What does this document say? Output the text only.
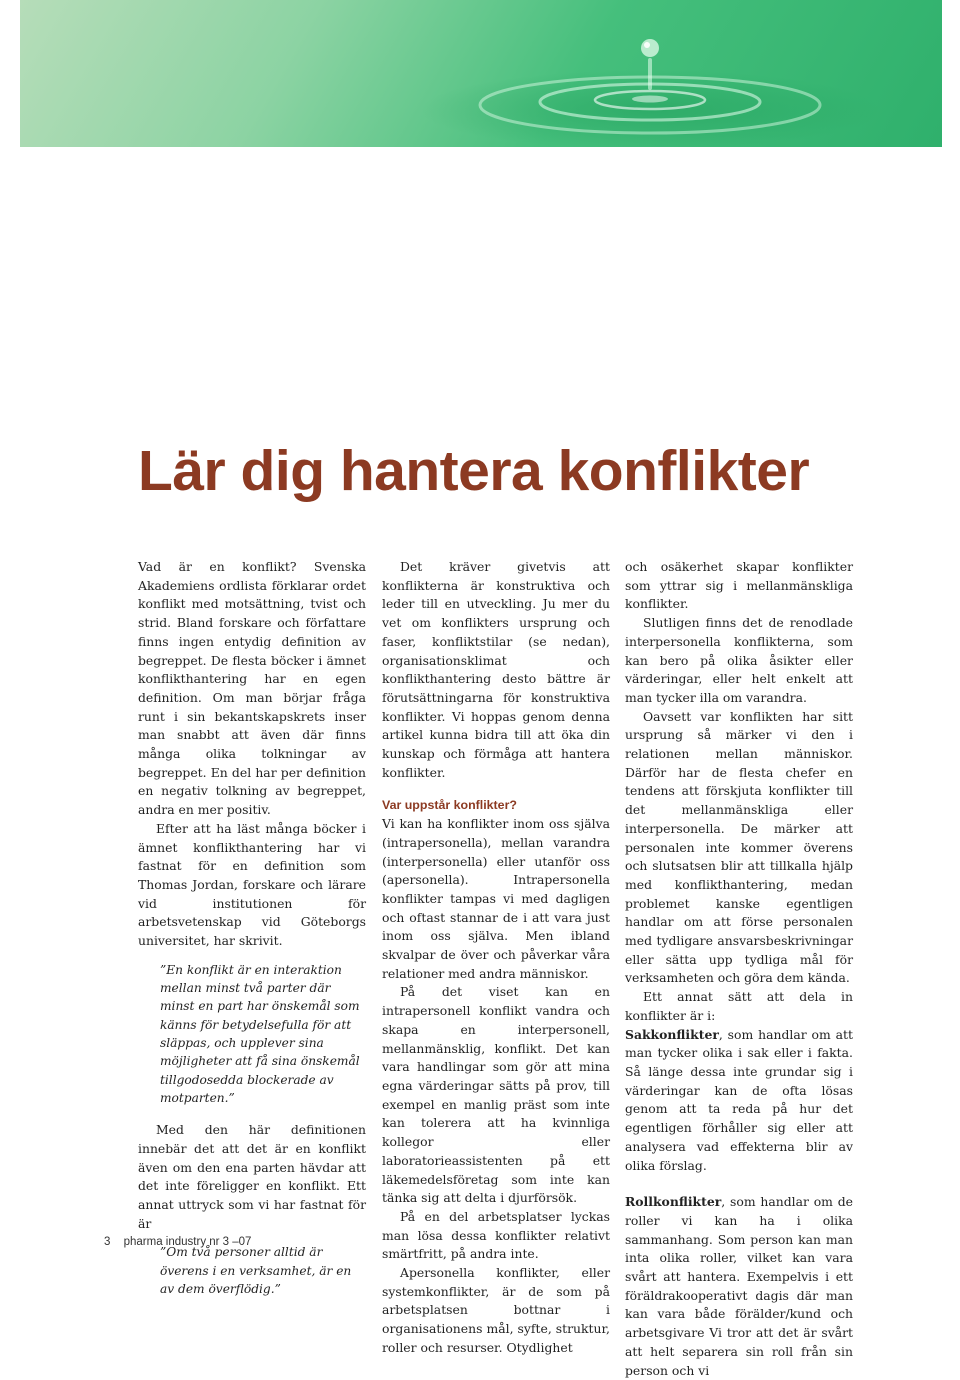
Lär dig hantera konflikter

Vad är en konflikt? Svenska Akademiens ordlista förklarar ordet konflikt med motsättning, tvist och strid. Bland forskare och författare finns ingen entydig definition av begreppet. De flesta böcker i ämnet konflikthantering har en egen definition. Om man börjar fråga runt i sin bekantskapskrets inser man snabbt att även där finns många olika tolkningar av begreppet. En del har per definition en negativ tolkning av begreppet, andra en mer positiv.

Efter att ha läst många böcker i ämnet konflikthantering har vi fastnat för en definition som Thomas Jordan, forskare och lärare vid institutionen för arbetsvetenskap vid Göteborgs universitet, har skrivit.

”En konflikt är en interaktion mellan minst två parter där minst en part har önskemål som känns för betydelsefulla för att släppas, och upplever sina möjligheter att få sina önskemål tillgodosedda blockerade av motparten.”

Med den här definitionen innebär det att det är en konflikt även om den ena parten hävdar att det inte föreligger en konflikt. Ett annat uttryck som vi har fastnat för är

”Om två personer alltid är överens i en verksamhet, är en av dem överflödig.”

Det kräver givetvis att konflikterna är konstruktiva och leder till en utveckling. Ju mer du vet om konflikters ursprung och faser, konfliktstilar (se nedan), organisationsklimat och konflikthantering desto bättre är förutsättningarna för konstruktiva konflikter. Vi hoppas genom denna artikel kunna bidra till att öka din kunskap och förmåga att hantera konflikter.

Var uppstår konflikter?

Vi kan ha konflikter inom oss själva (intrapersonella), mellan varandra (interpersonella) eller utanför oss (apersonella). Intrapersonella konflikter tampas vi med dagligen och oftast stannar de i att vara just inom oss själva. Men ibland skvalpar de över och påverkar våra relationer med andra människor.

På det viset kan en intrapersonell konflikt vandra och skapa en interpersonell, mellanmänsklig, konflikt. Det kan vara handlingar som gör att mina egna värderingar sätts på prov, till exempel en manlig präst som inte kan tolerera att ha kvinnliga kollegor eller laboratorieassistenten på ett läkemedelsföretag som inte kan tänka sig att delta i djurförsök.

På en del arbetsplatser lyckas man lösa dessa konflikter relativt smärtfritt, på andra inte.

Apersonella konflikter, eller systemkonflikter, är de som på arbetsplatsen bottnar i organisationens mål, syfte, struktur, roller och resurser. Otydlighet

och osäkerhet skapar konflikter som yttrar sig i mellanmänskliga konflikter.

Slutligen finns det de renodlade interpersonella konflikterna, som kan bero på olika åsikter eller värderingar, eller helt enkelt att man tycker illa om varandra.

Oavsett var konflikten har sitt ursprung så märker vi den i relationen mellan människor. Därför har de flesta chefer en tendens att förskjuta konflikter till det mellanmänskliga eller interpersonella. De märker att personalen inte kommer överens och slutsatsen blir att tillkalla hjälp med konflikthantering, medan problemet kanske egentligen handlar om att förse personalen med tydligare ansvarsbeskrivningar eller sätta upp tydliga mål för verksamheten och göra dem kända.

Ett annat sätt att dela in konflikter är i:

Sakkonflikter, som handlar om att man tycker olika i sak eller i fakta. Så länge dessa inte grundar sig i värderingar kan de ofta lösas genom att ta reda på hur det egentligen förhåller sig eller att analysera vad effekterna blir av olika förslag.

Rollkonflikter, som handlar om de roller vi kan ha i olika sammanhang. Som person kan man inta olika roller, vilket kan vara svårt att hantera. Exempelvis i ett föräldrakooperativt dagis där man kan vara både förälder/kund och arbetsgivare Vi tror att det är svårt att helt separera sin roll från sin person och vi

3 pharma industry nr 3 –07
